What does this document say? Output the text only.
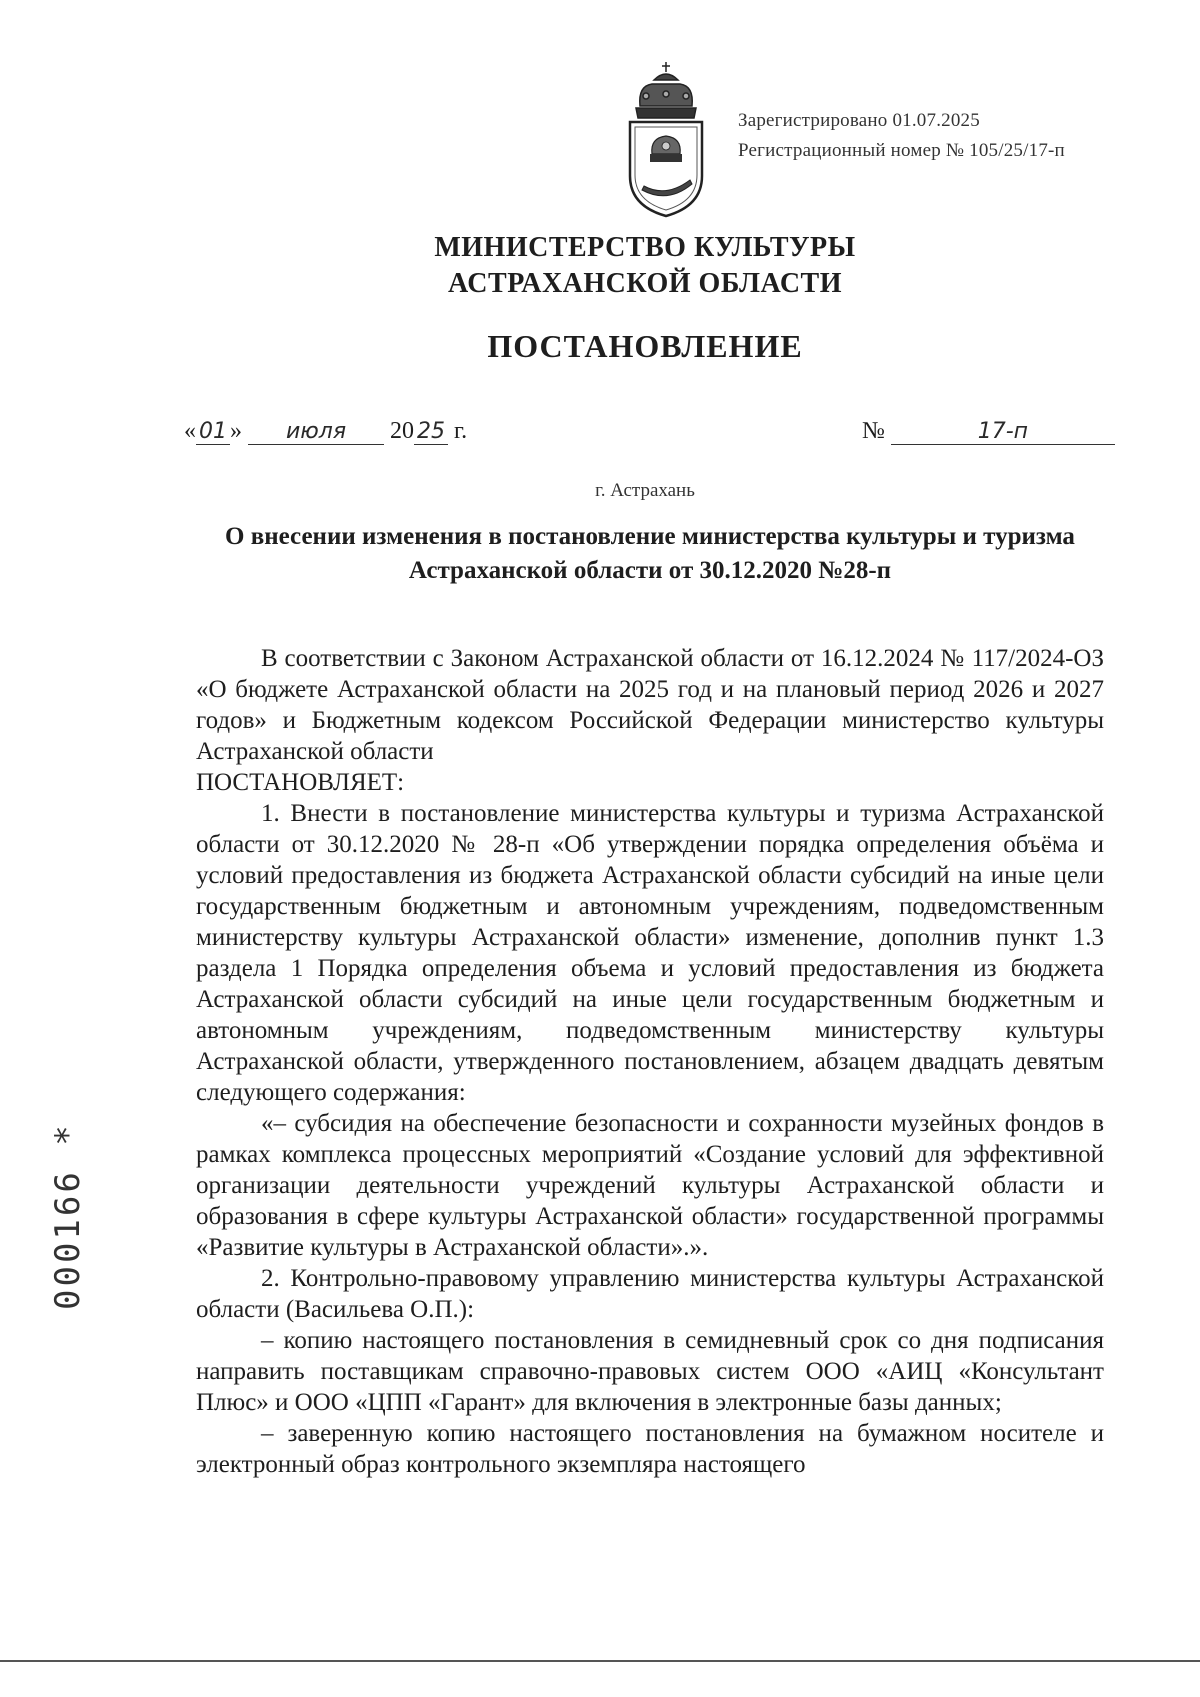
Зарегистрировано 01.07.2025
Регистрационный номер № 105/25/17-п
МИНИСТЕРСТВО КУЛЬТУРЫ
АСТРАХАНСКОЙ ОБЛАСТИ
ПОСТАНОВЛЕНИЕ
« 01 » июля 20 25 г.	№	17-п
г. Астрахань
О внесении изменения в постановление министерства культуры и туризма Астраханской области от 30.12.2020 №28-п

В соответствии с Законом Астраханской области от 16.12.2024 № 117/2024-ОЗ «О бюджете Астраханской области на 2025 год и на плановый период 2026 и 2027 годов» и Бюджетным кодексом Российской Федерации министерство культуры Астраханской области

ПОСТАНОВЛЯЕТ:

1. Внести в постановление министерства культуры и туризма Астраханской области от 30.12.2020 № 28-п «Об утверждении порядка определения объёма и условий предоставления из бюджета Астраханской области субсидий на иные цели государственным бюджетным и автономным учреждениям, подведомственным министерству культуры Астраханской области» изменение, дополнив пункт 1.3 раздела 1 Порядка определения объема и условий предоставления из бюджета Астраханской области субсидий на иные цели государственным бюджетным и автономным учреждениям, подведомственным министерству культуры Астраханской области, утвержденного постановлением, абзацем двадцать девятым следующего содержания:

«– субсидия на обеспечение безопасности и сохранности музейных фондов в рамках комплекса процессных мероприятий «Создание условий для эффективной организации деятельности учреждений культуры Астраханской области и образования в сфере культуры Астраханской области» государственной программы «Развитие культуры в Астраханской области».».

2. Контрольно-правовому управлению министерства культуры Астраханской области (Васильева О.П.):

– копию настоящего постановления в семидневный срок со дня подписания направить поставщикам справочно-правовых систем ООО «АИЦ «Консультант Плюс» и ООО «ЦПП «Гарант» для включения в электронные базы данных;

– заверенную копию настоящего постановления на бумажном носителе и электронный образ контрольного экземпляра настоящего

000166 *
